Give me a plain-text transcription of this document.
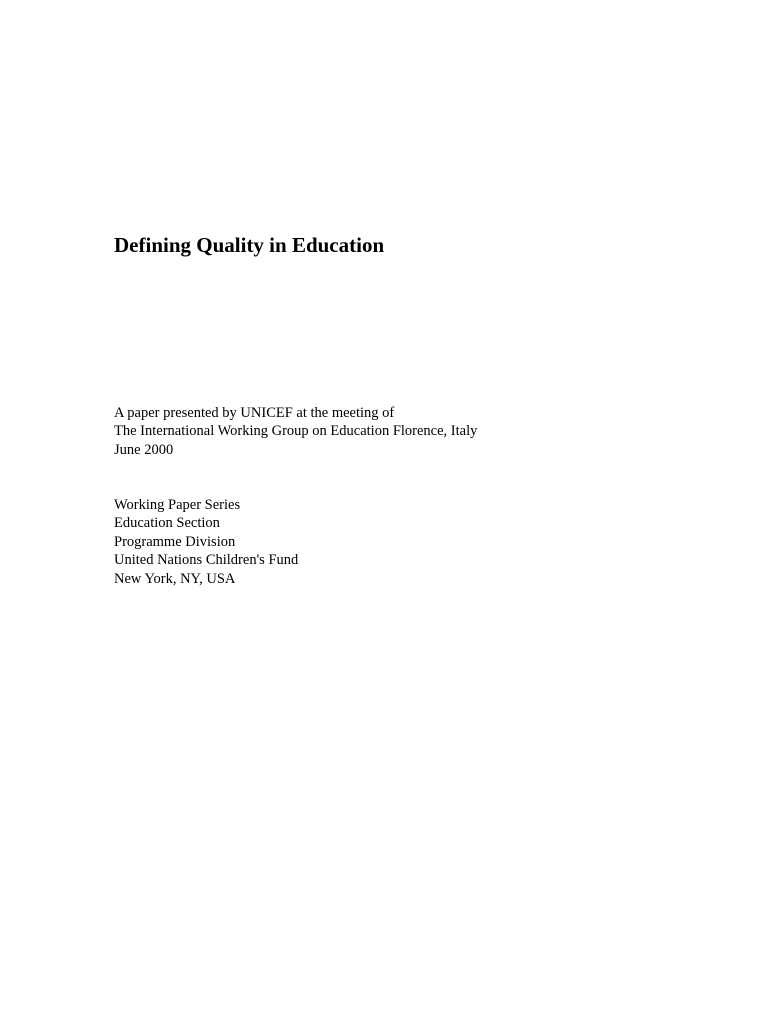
Defining Quality in Education
A paper presented by UNICEF at the meeting of
The International Working Group on Education Florence, Italy
June 2000
Working Paper Series
Education Section
Programme Division
United Nations Children's Fund
New York, NY, USA
